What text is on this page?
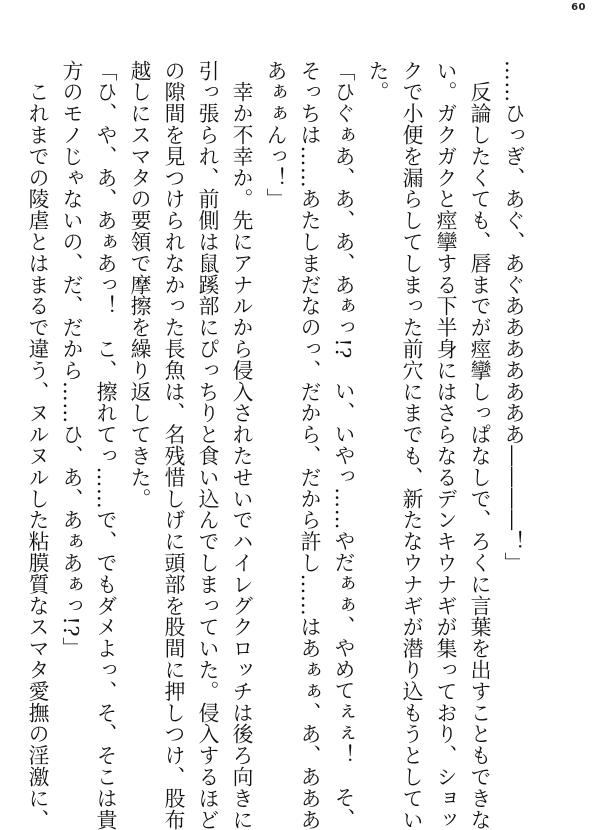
60
……ひっぎ、あぐ、あぐあああああああ――――！」
　反論したくても、唇までが痙攣しっぱなしで、ろくに言葉を出すこともできな
い。ガクガクと痙攣する下半身にはさらなるデンキウナギが集っており、ショッ
クで小便を漏らしてしまった前穴にまでも、新たなウナギが潜り込もうとしてい
た。
「ひぐぁあ、あ、あ、あぁっ!?　い、いやっ……やだぁぁ、やめてぇぇ！　そ、
そっちは……あたしまだなのっ、だから、だから許し……はあぁぁ、あ、あああ
あぁぁんっ！」
　幸か不幸か。先にアナルから侵入されたせいでハイレグクロッチは後ろ向きに
引っ張られ、前側は鼠蹊部にぴっちりと食い込んでしまっていた。侵入するほど
の隙間を見つけられなかった長魚は、名残惜しげに頭部を股間に押しつけ、股布
越しにスマタの要領で摩擦を繰り返してきた。
「ひ、や、あ、あぁあっ！　こ、擦れてっ……で、でもダメよっ、そ、そこは貴
方のモノじゃないの、だ、だから……ひ、あ、あぁあぁっ!?」
　これまでの陵虐とはまるで違う、ヌルヌルした粘膜質なスマタ愛撫の淫激に、
